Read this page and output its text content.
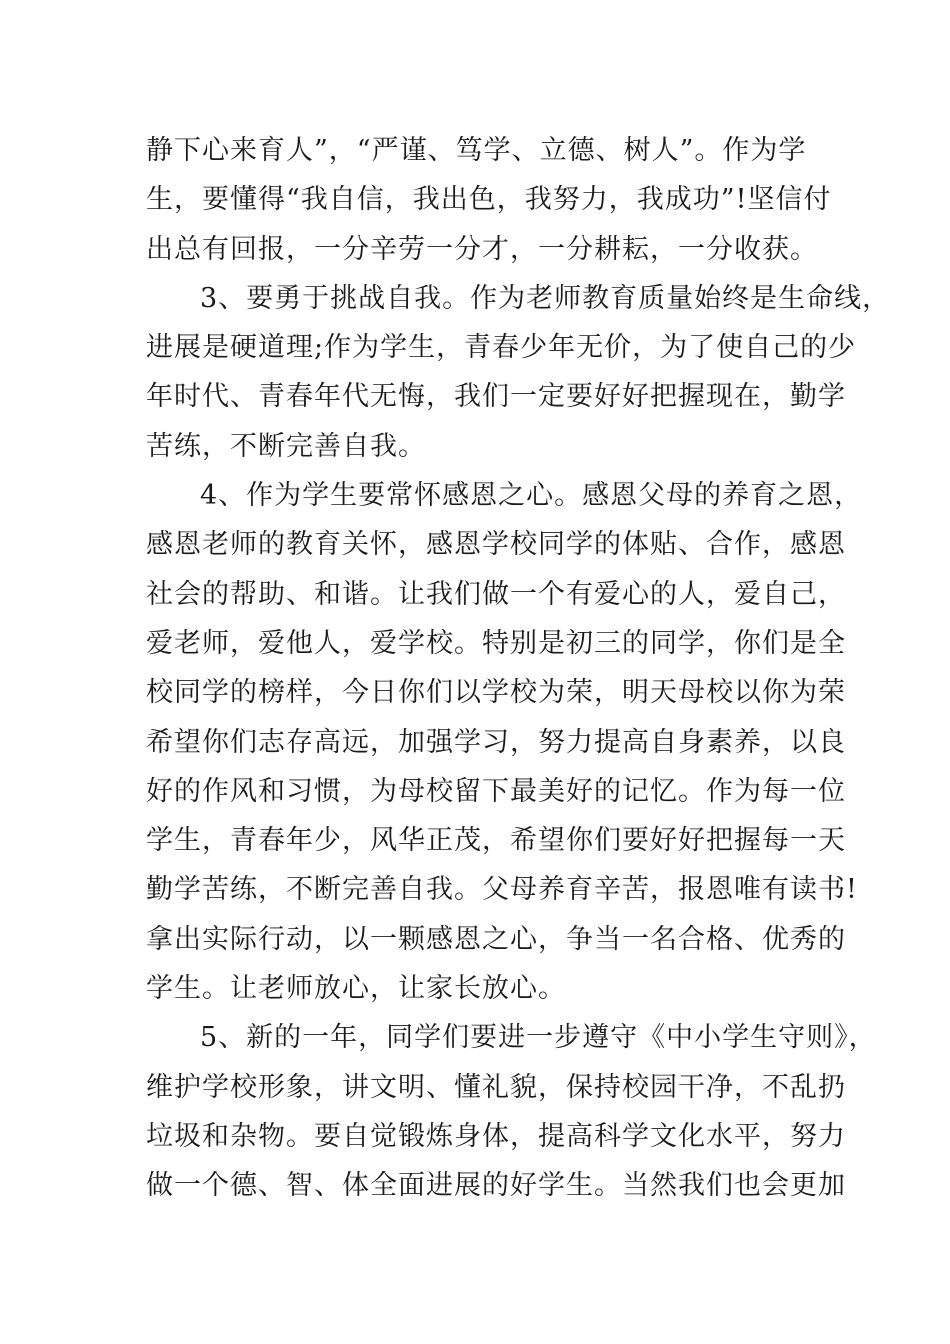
静下心来育人”，“严谨、笃学、立德、树人”。作为学
生，要懂得“我自信，我出色，我努力，我成功”!坚信付
出总有回报，一分辛劳一分才，一分耕耘，一分收获。
3、要勇于挑战自我。作为老师教育质量始终是生命线，
进展是硬道理;作为学生，青春少年无价，为了使自己的少
年时代、青春年代无悔，我们一定要好好把握现在，勤学
苦练，不断完善自我。
4、作为学生要常怀感恩之心。感恩父母的养育之恩，
感恩老师的教育关怀，感恩学校同学的体贴、合作，感恩
社会的帮助、和谐。让我们做一个有爱心的人，爱自己，
爱老师，爱他人，爱学校。特别是初三的同学，你们是全
校同学的榜样，今日你们以学校为荣，明天母校以你为荣
希望你们志存高远，加强学习，努力提高自身素养，以良
好的作风和习惯，为母校留下最美好的记忆。作为每一位
学生，青春年少，风华正茂，希望你们要好好把握每一天
勤学苦练，不断完善自我。父母养育辛苦，报恩唯有读书!
拿出实际行动，以一颗感恩之心，争当一名合格、优秀的
学生。让老师放心，让家长放心。
5、新的一年，同学们要进一步遵守《中小学生守则》，
维护学校形象，讲文明、懂礼貌，保持校园干净，不乱扔
垃圾和杂物。要自觉锻炼身体，提高科学文化水平，努力
做一个德、智、体全面进展的好学生。当然我们也会更加
